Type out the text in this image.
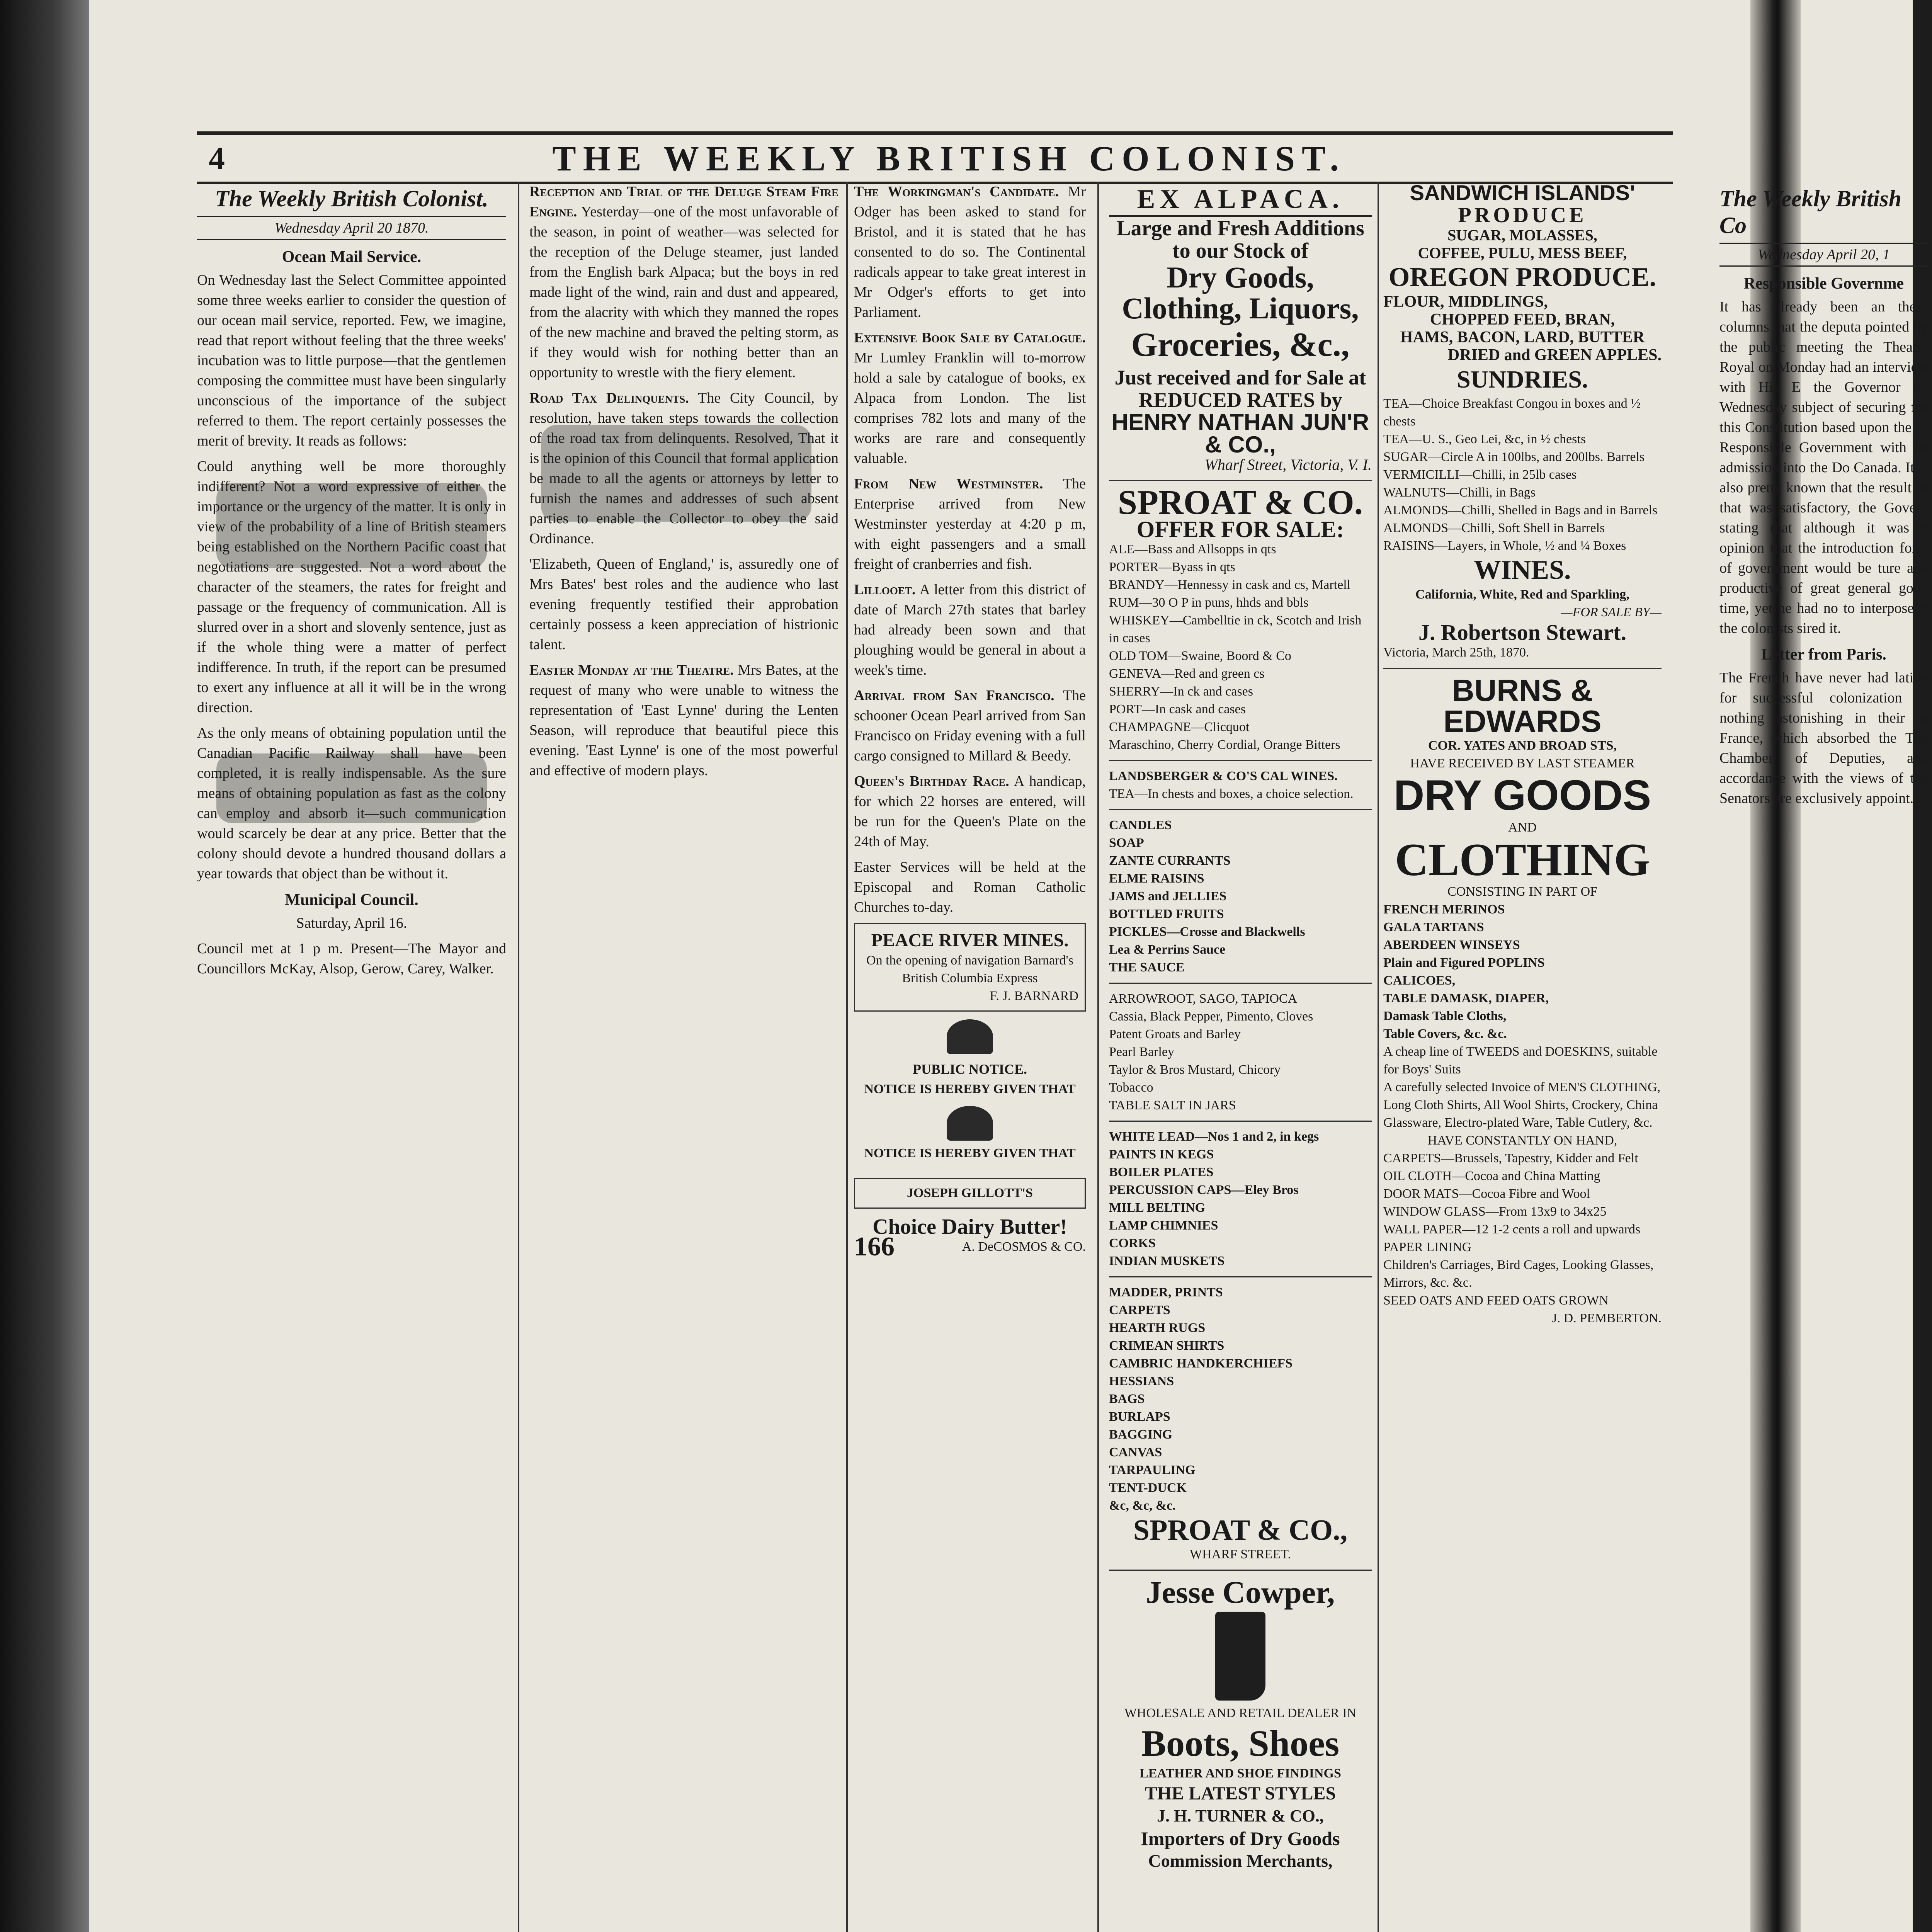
4	THE WEEKLY BRITISH COLONIST.
The Weekly British Colonist.
Wednesday April 20 1870.
Ocean Mail Service.

On Wednesday last the Select Committee appointed some three weeks earlier to consider the question of our ocean mail service, reported. Few, we imagine, read that report without feeling that the three weeks' incubation was to little purpose—that the gentlemen composing the committee must have been singularly unconscious of the importance of the subject referred to them. The report certainly possesses the merit of brevity. It reads as follows:

Could anything well be more thoroughly indifferent? Not a word expressive of either the importance or the urgency of the matter. It is only in view of the probability of a line of British steamers being established on the Northern Pacific coast that negotiations are suggested. Not a word about the character of the steamers, the rates for freight and passage or the frequency of communication. All is slurred over in a short and slovenly sentence, just as if the whole thing were a matter of perfect indifference. In truth, if the report can be presumed to exert any influence at all it will be in the wrong direction.

As the only means of obtaining population until the Canadian Pacific Railway shall have been completed, it is really indispensable. As the sure means of obtaining population as fast as the colony can employ and absorb it—such communication would scarcely be dear at any price. Better that the colony should devote a hundred thousand dollars a year towards that object than be without it.

Municipal Council.
Saturday, April 16.

Council met at 1 p m. Present—The Mayor and Councillors McKay, Alsop, Gerow, Carey, Walker.

Reception and Trial of the Deluge Steam Fire Engine. Yesterday—one of the most unfavorable of the season, in point of weather—was selected for the reception of the Deluge steamer, just landed from the English bark Alpaca; but the boys in red made light of the wind, rain and dust and appeared, from the alacrity with which they manned the ropes of the new machine and braved the pelting storm, as if they would wish for nothing better than an opportunity to wrestle with the fiery element.

Road Tax Delinquents. The City Council, by resolution, have taken steps towards the collection of the road tax from delinquents. Resolved, That it is the opinion of this Council that formal application be made to all the agents or attorneys by letter to furnish the names and addresses of such absent parties to enable the Collector to obey the said Ordinance.

'Elizabeth, Queen of England,' is, assuredly one of Mrs Bates' best roles and the audience who last evening frequently testified their approbation certainly possess a keen appreciation of histrionic talent.

Easter Monday at the Theatre. Mrs Bates, at the request of many who were unable to witness the representation of 'East Lynne' during the Lenten Season, will reproduce that beautiful piece this evening. 'East Lynne' is one of the most powerful and effective of modern plays.

The Workingman's Candidate. Mr Odger has been asked to stand for Bristol, and it is stated that he has consented to do so. The Continental radicals appear to take great interest in Mr Odger's efforts to get into Parliament.

Extensive Book Sale by Catalogue. Mr Lumley Franklin will to-morrow hold a sale by catalogue of books, ex Alpaca from London. The list comprises 782 lots and many of the works are rare and consequently valuable.

From New Westminster. The Enterprise arrived from New Westminster yesterday at 4:20 p m, with eight passengers and a small freight of cranberries and fish.

Lillooet. A letter from this district of date of March 27th states that barley had already been sown and that ploughing would be general in about a week's time.

Arrival from San Francisco. The schooner Ocean Pearl arrived from San Francisco on Friday evening with a full cargo consigned to Millard & Beedy.

Queen's Birthday Race. A handicap, for which 22 horses are entered, will be run for the Queen's Plate on the 24th of May.

Easter Services will be held at the Episcopal and Roman Catholic Churches to-day.

PEACE RIVER MINES.
On the opening of navigation Barnard's British Columbia Express
F. J. BARNARD
PUBLIC NOTICE.
NOTICE IS HEREBY GIVEN THAT
NOTICE IS HEREBY GIVEN THAT
JOSEPH GILLOTT'S
Choice Dairy Butter!
166	A. DeCOSMOS & CO.
EX ALPACA.
Large and Fresh Additions to our Stock of
Dry Goods, Clothing, Liquors,
Groceries, &c.,
Just received and for Sale at REDUCED RATES by
HENRY NATHAN JUN'R & CO.,
Wharf Street, Victoria, V. I.
SPROAT & CO.
OFFER FOR SALE:
ALE—Bass and Allsopps in qts
PORTER—Byass in qts
BRANDY—Hennessy in cask and cs, Martell
RUM—30 O P in puns, hhds and bbls
WHISKEY—Cambelltie in ck, Scotch and Irish in cases
OLD TOM—Swaine, Boord & Co
GENEVA—Red and green cs
SHERRY—In ck and cases
PORT—In cask and cases
CHAMPAGNE—Clicquot
Maraschino, Cherry Cordial, Orange Bitters
LANDSBERGER & CO'S CAL WINES.
TEA—In chests and boxes, a choice selection.
CANDLES
SOAP
ZANTE CURRANTS
ELME RAISINS
JAMS and JELLIES
BOTTLED FRUITS
PICKLES—Crosse and Blackwells
Lea & Perrins Sauce
THE SAUCE
ARROWROOT, SAGO, TAPIOCA
Cassia, Black Pepper, Pimento, Cloves
Patent Groats and Barley
Pearl Barley
Taylor & Bros Mustard, Chicory
Tobacco
TABLE SALT IN JARS
WHITE LEAD—Nos 1 and 2, in kegs
PAINTS IN KEGS
BOILER PLATES
PERCUSSION CAPS—Eley Bros
MILL BELTING
LAMP CHIMNIES
CORKS
INDIAN MUSKETS
MADDER, PRINTS
CARPETS
HEARTH RUGS
CRIMEAN SHIRTS
CAMBRIC HANDKERCHIEFS
HESSIANS
BAGS
BURLAPS
BAGGING
CANVAS
TARPAULING
TENT-DUCK
&c, &c, &c.
SPROAT & CO.,
WHARF STREET.
Jesse Cowper,
WHOLESALE AND RETAIL DEALER IN
Boots, Shoes
LEATHER AND SHOE FINDINGS
THE LATEST STYLES
J. H. TURNER & CO.,
Importers of Dry Goods
Commission Merchants,
SANDWICH ISLANDS'
PRODUCE
SUGAR, MOLASSES,
COFFEE, PULU, MESS BEEF,
OREGON PRODUCE.
FLOUR, MIDDLINGS,
CHOPPED FEED, BRAN,
HAMS, BACON, LARD, BUTTER
DRIED and GREEN APPLES.
SUNDRIES.
TEA—Choice Breakfast Congou in boxes and ½ chests
TEA—U. S., Geo Lei, &c, in ½ chests
SUGAR—Circle A in 100lbs, and 200lbs. Barrels
VERMICILLI—Chilli, in 25lb cases
WALNUTS—Chilli, in Bags
ALMONDS—Chilli, Shelled in Bags and in Barrels
ALMONDS—Chilli, Soft Shell in Barrels
RAISINS—Layers, in Whole, ½ and ¼ Boxes
WINES.
California, White, Red and Sparkling,
—FOR SALE BY—
J. Robertson Stewart.
Victoria, March 25th, 1870.
BURNS & EDWARDS
COR. YATES AND BROAD STS,
HAVE RECEIVED BY LAST STEAMER
DRY GOODS
AND
CLOTHING
CONSISTING IN PART OF
FRENCH MERINOS
GALA TARTANS
ABERDEEN WINSEYS
Plain and Figured POPLINS
CALICOES,
TABLE DAMASK, DIAPER,
Damask Table Cloths,
Table Covers, &c. &c.
A cheap line of TWEEDS and DOESKINS, suitable for Boys' Suits
A carefully selected Invoice of MEN'S CLOTHING, Long Cloth Shirts, All Wool Shirts, Crockery, China Glassware, Electro-plated Ware, Table Cutlery, &c.
HAVE CONSTANTLY ON HAND,
CARPETS—Brussels, Tapestry, Kidder and Felt
OIL CLOTH—Cocoa and China Matting
DOOR MATS—Cocoa Fibre and Wool
WINDOW GLASS—From 13x9 to 34x25
WALL PAPER—12 1-2 cents a roll and upwards
PAPER LINING
Children's Carriages, Bird Cages, Looking Glasses, Mirrors, &c. &c.
SEED OATS AND FEED OATS GROWN
J. D. PEMBERTON.
The Weekly British Co
Wednesday April 20, 1
Responsible Governme

It has already been an these columns that the deputa pointed by the public meeting the Theatre Royal on Monday had an interview with His E the Governor on Wednesday subject of securing for this Constitution based upon the of Responsible Government with its admission into the Do Canada. It is also pretty known that the result of that was satisfactory, the Govern stating that although it was n opinion that the introduction form of government would be ture and productive of great general good time, yet he had no to interpose if the colonists sired it.

Letter from Paris.

The French have never had lation for successful colonization is nothing astonishing in their to France, which absorbed the The Chamber of Deputies, and accordance with the views of the Senators are exclusively appoint.
